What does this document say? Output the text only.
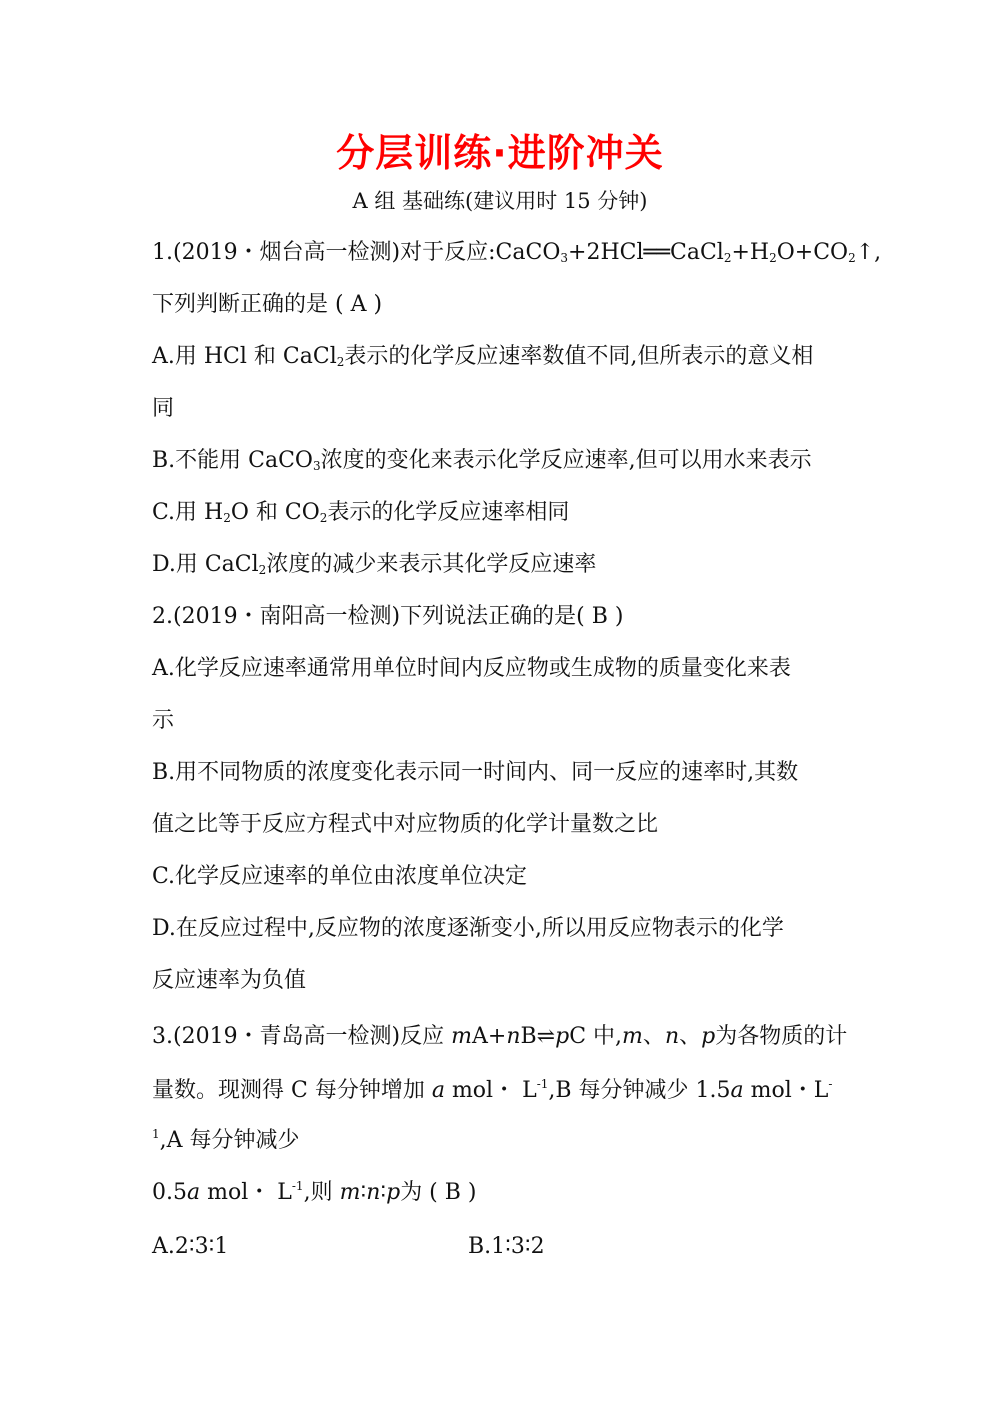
分层训练·进阶冲关
A 组 基础练(建议用时 15 分钟)
1.(2019・烟台高一检测)对于反应$:CaCO_3+2HCl══CaCl_2+H_2O+CO_2↑$,
下列判断正确的是 ( A )
A.用 HCl 和 CaCl$_2$表示的化学反应速率数值不同,但所表示的意义相
同
B.不能用 CaCO$_3$浓度的变化来表示化学反应速率,但可以用水来表示
C.用 $H_2O$ 和 $CO_2$表示的化学反应速率相同
D.用 CaCl$_2$浓度的减少来表示其化学反应速率
2.(2019・南阳高一检测)下列说法正确的是( B )
A.化学反应速率通常用单位时间内反应物或生成物的质量变化来表
示
B.用不同物质的浓度变化表示同一时间内、同一反应的速率时,其数
值之比等于反应方程式中对应物质的化学计量数之比
C.化学反应速率的单位由浓度单位决定
D.在反应过程中,反应物的浓度逐渐变小,所以用反应物表示的化学
反应速率为负值
3.(2019・青岛高一检测)反应 mA+nB⇌pC 中,m、n、p为各物质的计
量数。现测得 C 每分钟增加 a mol・ $L^{-1},B$ 每分钟减少 1.5a mol・L-
$^1$,A 每分钟减少
0.5a mol・ $L^{-1}$,则 m∶n∶p为 ( B )
A.2∶3∶1	B.1∶3∶2
